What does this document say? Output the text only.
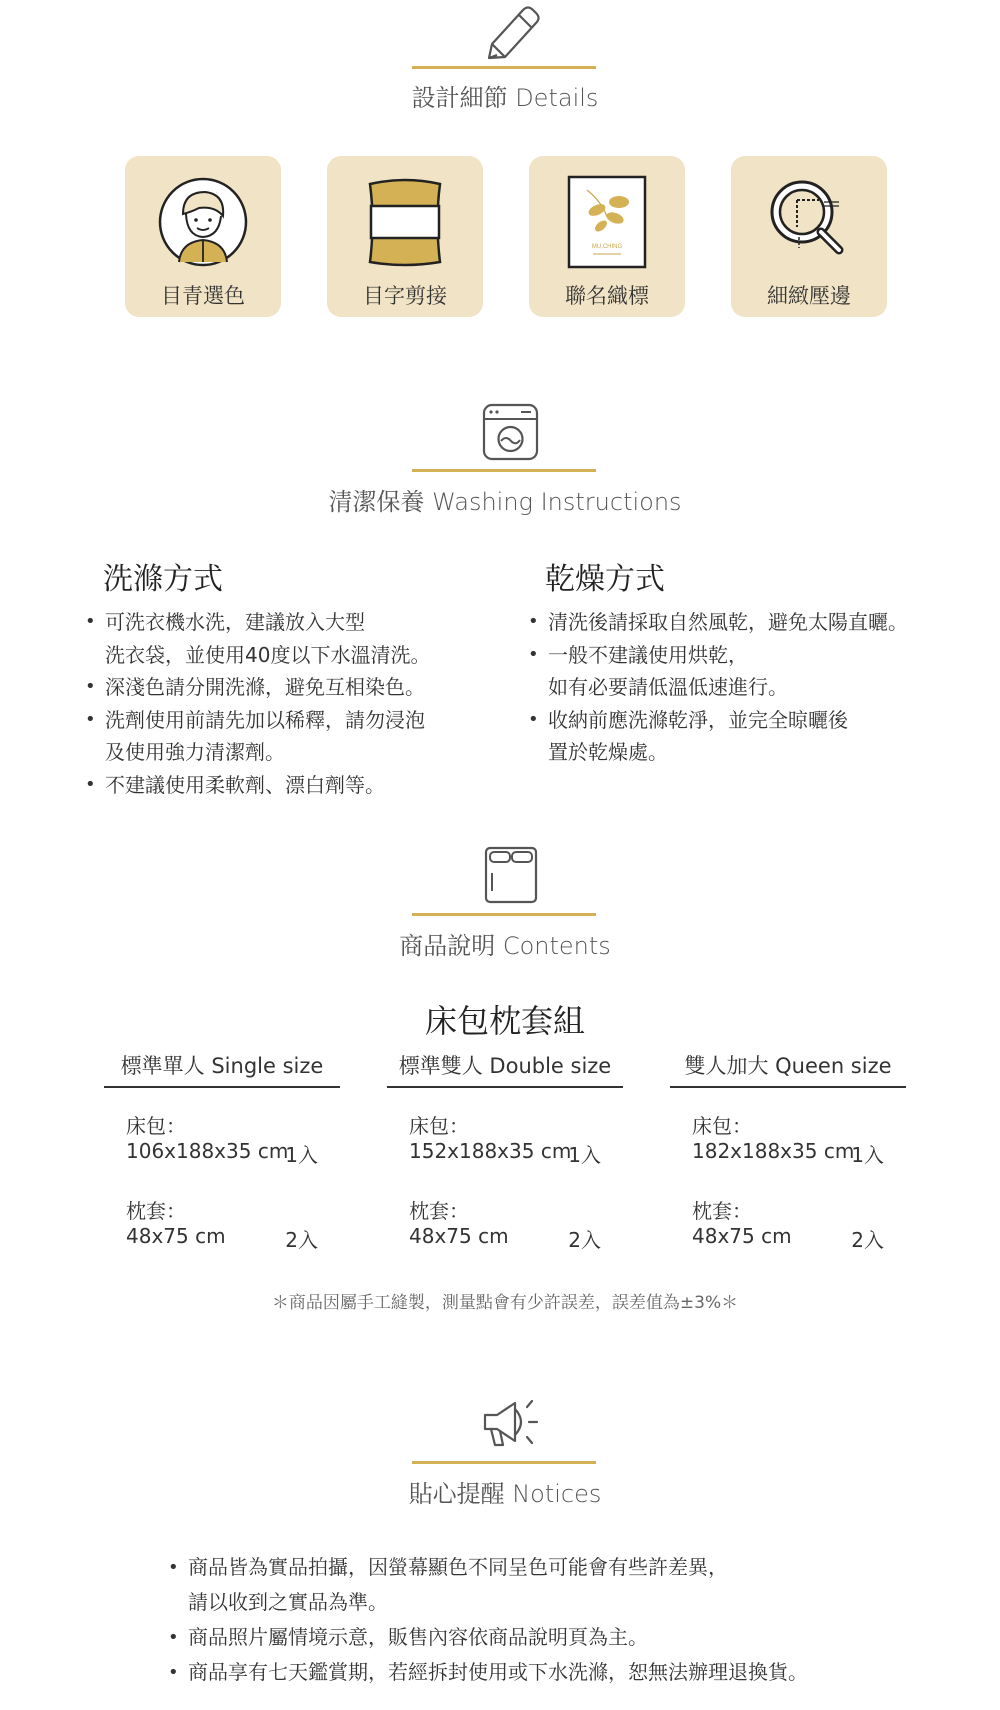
設計細節 Details
目青選色	目字剪接
MU,CHING
聯名織標	細緻壓邊
清潔保養 Washing Instructions
洗滌方式
• 可洗衣機水洗，建議放入大型
洗衣袋，並使用40度以下水溫清洗。
• 深淺色請分開洗滌，避免互相染色。
• 洗劑使用前請先加以稀釋，請勿浸泡
及使用強力清潔劑。
• 不建議使用柔軟劑、漂白劑等。
乾燥方式
• 清洗後請採取自然風乾，避免太陽直曬。
• 一般不建議使用烘乾，
如有必要請低溫低速進行。
• 收納前應洗滌乾淨，並完全晾曬後
置於乾燥處。
商品說明 Contents
床包枕套組
標準單人 Single size
床包：
106x188x35 cm
1入
枕套：
48x75 cm	2入
標準雙人 Double size
床包：
152x188x35 cm
1入
枕套：
48x75 cm	2入
雙人加大 Queen size
床包：
182x188x35 cm
1入
枕套：
48x75 cm	2入
＊商品因屬手工縫製，測量點會有少許誤差，誤差值為±3%＊
貼心提醒 Notices
• 商品皆為實品拍攝，因螢幕顯色不同呈色可能會有些許差異，
請以收到之實品為準。
• 商品照片屬情境示意，販售內容依商品說明頁為主。
• 商品享有七天鑑賞期，若經拆封使用或下水洗滌，恕無法辦理退換貨。
